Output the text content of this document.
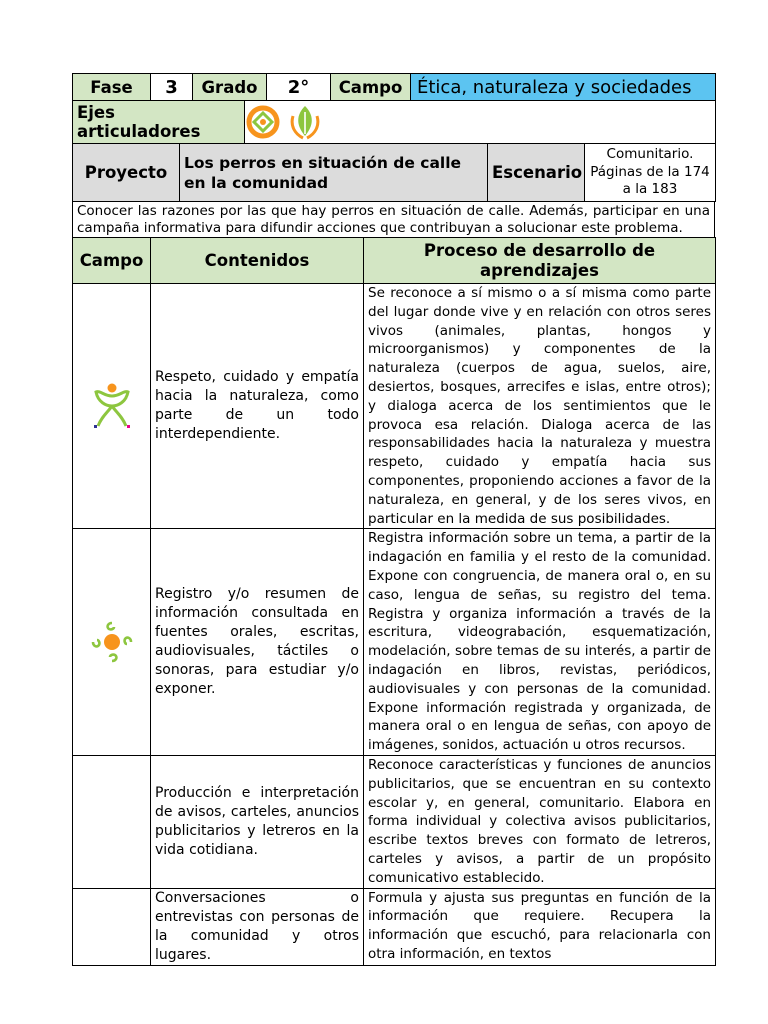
Fase	3	Grado	2°	Campo	Ética, naturaleza y sociedades
Ejes articuladores	
Proyecto	Los perros en situación de calle en la comunidad	Escenario	Comunitario. Páginas de la 174 a la 183
Conocer las razones por las que hay perros en situación de calle. Además, participar en una campaña informativa para difundir acciones que contribuyan a solucionar este problema.
Campo	Contenidos	Proceso de desarrollo de aprendizajes

	Respeto, cuidado y empatía hacia la naturaleza, como parte de un todo interdependiente.	Se reconoce a sí mismo o a sí misma como parte del lugar donde vive y en relación con otros seres vivos (animales, plantas, hongos y microorganismos) y componentes de la naturaleza (cuerpos de agua, suelos, aire, desiertos, bosques, arrecifes e islas, entre otros); y dialoga acerca de los sentimientos que le provoca esa relación. Dialoga acerca de las responsabilidades hacia la naturaleza y muestra respeto, cuidado y empatía hacia sus componentes, proponiendo acciones a favor de la naturaleza, en general, y de los seres vivos, en particular en la medida de sus posibilidades.

	Registro y/o resumen de información consultada en fuentes orales, escritas, audiovisuales, táctiles o sonoras, para estudiar y/o exponer.	Registra información sobre un tema, a partir de la indagación en familia y el resto de la comunidad. Expone con congruencia, de manera oral o, en su caso, lengua de señas, su registro del tema. Registra y organiza información a través de la escritura, videograbación, esquematización, modelación, sobre temas de su interés, a partir de indagación en libros, revistas, periódicos, audiovisuales y con personas de la comunidad. Expone información registrada y organizada, de manera oral o en lengua de señas, con apoyo de imágenes, sonidos, actuación u otros recursos.
	Producción e interpretación de avisos, carteles, anuncios publicitarios y letreros en la vida cotidiana.	Reconoce características y funciones de anuncios publicitarios, que se encuentran en su contexto escolar y, en general, comunitario. Elabora en forma individual y colectiva avisos publicitarios, escribe textos breves con formato de letreros, carteles y avisos, a partir de un propósito comunicativo establecido.
	Conversaciones o entrevistas con personas de la comunidad y otros lugares.	Formula y ajusta sus preguntas en función de la información que requiere. Recupera la información que escuchó, para relacionarla con otra información, en textos
